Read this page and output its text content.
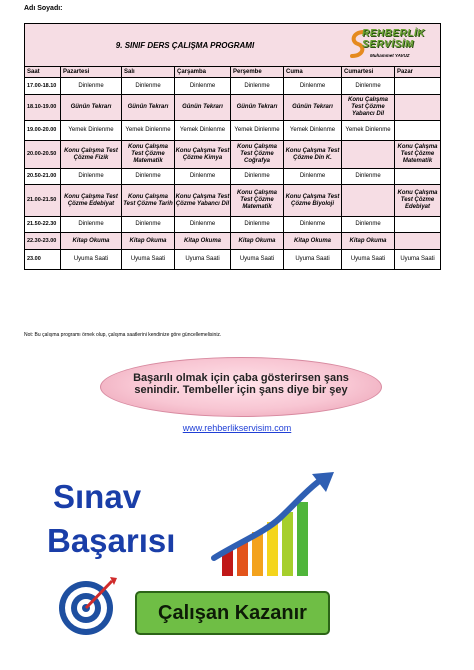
Adı Soyadı:
9. SINIF DERS ÇALIŞMA PROGRAMI
REHBERLİK
SERVİSİM
Muhammet YAVUZ							

Saat	Pazartesi	Salı	Çarşamba	Perşembe	Cuma	Cumartesi	Pazar
17.00-18.10	Dinlenme	Dinlenme	Dinlenme	Dinlenme	Dinlenme	Dinlenme	
18.10-19.00	Günün Tekrarı	Günün Tekrarı	Günün Tekrarı	Günün Tekrarı	Günün Tekrarı	Konu Çalışma Test Çözme Yabancı Dil	
19.00-20.00	Yemek Dinlenme	Yemek Dinlenme	Yemek Dinlenme	Yemek Dinlenme	Yemek Dinlenme	Yemek Dinlenme	
20.00-20.50	Konu Çalışma Test Çözme Fizik	Konu Çalışma Test Çözme Matematik	Konu Çalışma Test Çözme Kimya	Konu Çalışma Test Çözme Coğrafya	Konu Çalışma Test Çözme Din K.		Konu Çalışma Test Çözme Matematik
20.50-21.00	Dinlenme	Dinlenme	Dinlenme	Dinlenme	Dinlenme	Dinlenme	
21.00-21.50	Konu Çalışma Test Çözme Edebiyat	Konu Çalışma Test Çözme Tarih	Konu Çalışma Test Çözme Yabancı Dil	Konu Çalışma Test Çözme Matematik	Konu Çalışma Test Çözme Biyoloji		Konu Çalışma Test Çözme Edebiyat
21.50-22.30	Dinlenme	Dinlenme	Dinlenme	Dinlenme	Dinlenme	Dinlenme	
22.30-23.00	Kitap Okuma	Kitap Okuma	Kitap Okuma	Kitap Okuma	Kitap Okuma	Kitap Okuma	
23.00	Uyuma Saati	Uyuma Saati	Uyuma Saati	Uyuma Saati	Uyuma Saati	Uyuma Saati	Uyuma Saati
Not: Bu çalışma programı örnek olup, çalışma saatlerini kendinize göre güncellemelisiniz.
Başarılı olmak için çaba gösterirsen şans
senindir. Tembeller için şans diye bir şey
www.rehberlikservisim.com
Sınav
Başarısı
Çalışan Kazanır
